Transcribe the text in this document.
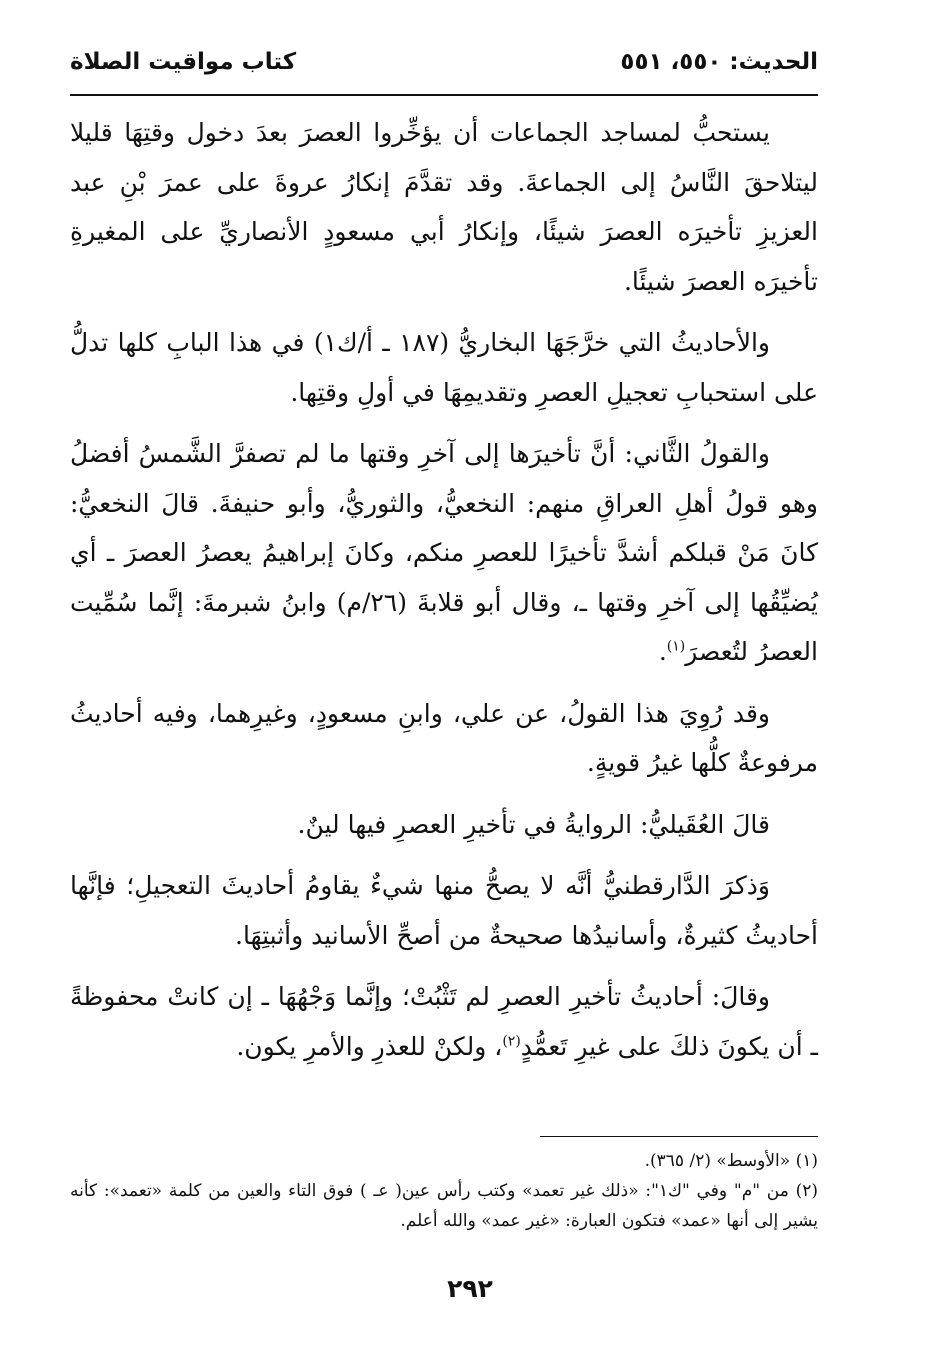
الحديث: ٥٥٠، ٥٥١
كتاب مواقيت الصلاة

يستحبُّ لمساجد الجماعات أن يؤخِّروا العصرَ بعدَ دخول وقتِهَا قليلا ليتلاحقَ النَّاسُ إلى الجماعةَ. وقد تقدَّمَ إنكارُ عروةَ على عمرَ بْنِ عبد العزيزِ تأخيرَه العصرَ شيئًا، وإنكارُ أبي مسعودٍ الأنصاريِّ على المغيرةِ تأخيرَه العصرَ شيئًا.

والأحاديثُ التي خرَّجَهَا البخاريُّ (١٨٧ ـ أ/ك١) في هذا البابِ كلها تدلُّ على استحبابِ تعجيلِ العصرِ وتقديمِهَا في أولِ وقتِها.

والقولُ الثَّاني: أنَّ تأخيرَها إلى آخرِ وقتها ما لم تصفرَّ الشَّمسُ أفضلُ وهو قولُ أهلِ العراقِ منهم: النخعيُّ، والثوريُّ، وأبو حنيفةَ. قالَ النخعيُّ: كانَ مَنْ قبلكم أشدَّ تأخيرًا للعصرِ منكم، وكانَ إبراهيمُ يعصرُ العصرَ ـ أي يُضيِّقُها إلى آخرِ وقتها ـ، وقال أبو قلابةَ (٢٦/م) وابنُ شبرمةَ: إنَّما سُمِّيت العصرُ لتُعصرَ$^{(١)}$.

وقد رُوِيَ هذا القولُ، عن علي، وابنِ مسعودٍ، وغيرِهما، وفيه أحاديثُ مرفوعةٌ كلُّها غيرُ قويةٍ.

قالَ العُقَيليُّ: الروايةُ في تأخيرِ العصرِ فيها لينٌ.

وَذكرَ الدَّارقطنيُّ أنَّه لا يصحُّ منها شيءٌ يقاومُ أحاديثَ التعجيلِ؛ فإنَّها أحاديثُ كثيرةٌ، وأسانيدُها صحيحةٌ من أصحِّ الأسانيد وأثبتِهَا.

وقالَ: أحاديثُ تأخيرِ العصرِ لم تَثْبُتْ؛ وإنَّما وَجْهُهَا ـ إن كانتْ محفوظةً ـ أن يكونَ ذلكَ على غيرِ تَعمُّدٍ$^{(٢)}$، ولكنْ للعذرِ والأمرِ يكون.

(١) «الأوسط» (٢/ ٣٦٥).

(٢) من "م" وفي "ك١": «ذلك غير تعمد» وكتب رأس عين( عـ ) فوق التاء والعين من كلمة «تعمد»: كأنه يشير إلى أنها «عمد» فتكون العبارة: «غير عمد» والله أعلم.

٢٩٢
